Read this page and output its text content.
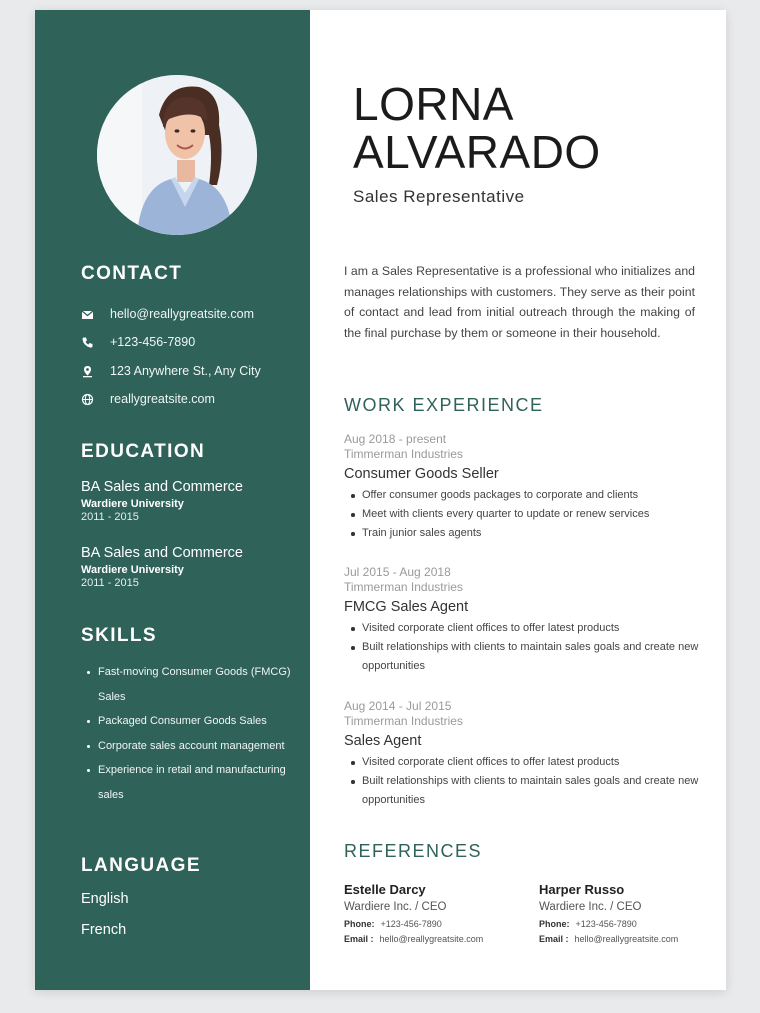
CONTACT
hello@reallygreatsite.com
+123-456-7890
123 Anywhere St., Any City
reallygreatsite.com
EDUCATION
BA Sales and Commerce
Wardiere University
2011 - 2015
BA Sales and Commerce
Wardiere University
2011 - 2015
SKILLS
Fast-moving Consumer Goods (FMCG) Sales
Packaged Consumer Goods Sales
Corporate sales account management
Experience in retail and manufacturing sales
LANGUAGE
English
French
LORNA
ALVARADO
Sales Representative

I am a Sales Representative is a professional who initializes and manages relationships with customers. They serve as their point of contact and lead from initial outreach through the making of the final purchase by them or someone in their household.

WORK EXPERIENCE
Aug 2018 - present
Timmerman Industries
Consumer Goods Seller
Offer consumer goods packages to corporate and clients
Meet with clients every quarter to update or renew services
Train junior sales agents
Jul 2015 - Aug 2018
Timmerman Industries
FMCG Sales Agent
Visited corporate client offices to offer latest products
Built relationships with clients to maintain sales goals and create new opportunities
Aug 2014 - Jul 2015
Timmerman Industries
Sales Agent
Visited corporate client offices to offer latest products
Built relationships with clients to maintain sales goals and create new opportunities
REFERENCES
Estelle Darcy
Wardiere Inc. / CEO
Phone: +123-456-7890
Email : hello@reallygreatsite.com
Harper Russo
Wardiere Inc. / CEO
Phone: +123-456-7890
Email : hello@reallygreatsite.com
